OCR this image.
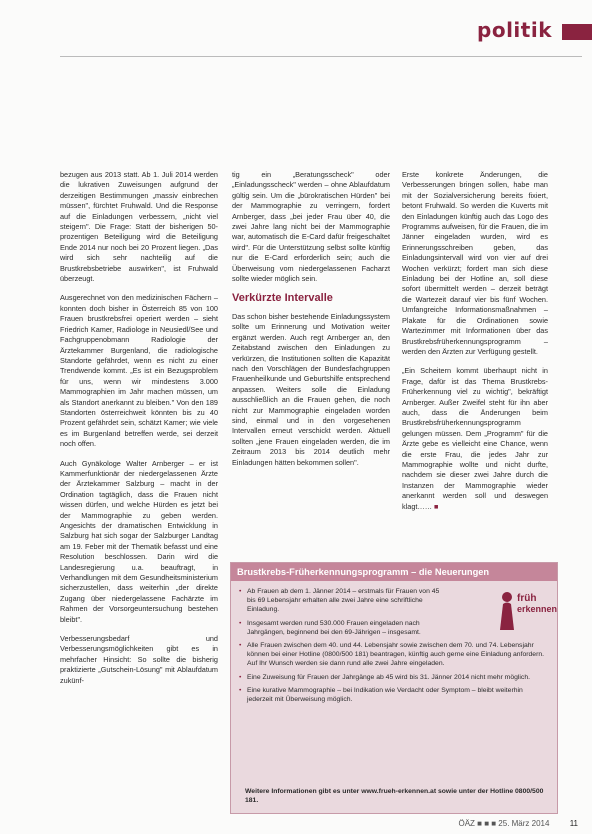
politik

bezugen aus 2013 statt. Ab 1. Juli 2014 werden die lukrativen Zuweisungen aufgrund der derzeitigen Bestimmungen „massiv einbrechen müssen", fürchtet Fruhwald. Und die Response auf die Einladungen verbessern, „nicht viel steigern". Die Frage: Statt der bisherigen 50-prozentigen Beteiligung wird die Beteiligung Ende 2014 nur noch bei 20 Prozent liegen. „Das wird sich sehr nachteilig auf die Brustkrebsbetriebe auswirken", ist Fruhwald überzeugt.

Ausgerechnet von den medizinischen Fächern – konnten doch bisher in Österreich 85 von 100 Frauen brustkrebsfrei operiert werden – sieht Friedrich Kamer, Radiologe in Neusiedl/See und Fachgruppenobmann Radiologie der Ärztekammer Burgenland, die radiologische Standorte gefährdet, wenn es nicht zu einer Trendwende kommt. „Es ist ein Bezugsproblem für uns, wenn wir mindestens 3.000 Mammographien im Jahr machen müssen, um als Standort anerkannt zu bleiben." Von den 189 Standorten österreichweit könnten bis zu 40 Prozent gefährdet sein, schätzt Kamer; wie viele es im Burgenland betreffen werde, sei derzeit noch offen.

Auch Gynäkologe Walter Arnberger – er ist Kammerfunktionär der niedergelassenen Ärzte der Ärztekammer Salzburg – macht in der Ordination tagtäglich, dass die Frauen nicht wissen dürfen, und welche Hürden es jetzt bei der Mammographie zu geben werden. Angesichts der dramatischen Entwicklung in Salzburg hat sich sogar der Salzburger Landtag am 19. Feber mit der Thematik befasst und eine Resolution beschlossen. Darin wird die Landesregierung u.a. beauftragt, in Verhandlungen mit dem Gesundheitsministerium sicherzustellen, dass weiterhin „der direkte Zugang über niedergelassene Fachärzte im Rahmen der Vorsorgeuntersuchung bestehen bleibt".

Verbesserungsbedarf und Verbesserungsmöglichkeiten gibt es in mehrfacher Hinsicht: So sollte die bisherig praktizierte „Gutschein-Lösung" mit Ablaufdatum zukünf-

tig ein „Beratungsscheck" oder „Einladungsscheck" werden – ohne Ablaufdatum gültig sein. Um die „bürokratischen Hürden" bei der Mammographie zu verringern, fordert Arnberger, dass „bei jeder Frau über 40, die zwei Jahre lang nicht bei der Mammographie war, automatisch die E-Card dafür freigeschaltet wird". Für die Unterstützung selbst sollte künftig nur die E-Card erforderlich sein; auch die Überweisung vom niedergelassenen Facharzt sollte wieder möglich sein.

Verkürzte Intervalle

Das schon bisher bestehende Einladungssystem sollte um Erinnerung und Motivation weiter ergänzt werden. Auch regt Arnberger an, den Zeitabstand zwischen den Einladungen zu verkürzen, die Institutionen sollten die Kapazität nach den Vorschlägen der Bundesfachgruppen Frauenheilkunde und Geburtshilfe entsprechend anpassen. Weiters solle die Einladung ausschließlich an die Frauen gehen, die noch nicht zur Mammographie eingeladen worden sind, einmal und in den vorgesehenen Intervallen erneut verschickt werden. Aktuell sollten „jene Frauen eingeladen werden, die im Zeitraum 2013 bis 2014 deutlich mehr Einladungen hätten bekommen sollen".

Erste konkrete Änderungen, die Verbesserungen bringen sollen, habe man mit der Sozialversicherung bereits fixiert, betont Fruhwald. So werden die Kuverts mit den Einladungen künftig auch das Logo des Programms aufweisen, für die Frauen, die im Jänner eingeladen wurden, wird es Erinnerungsschreiben geben, das Einladungsintervall wird von vier auf drei Wochen verkürzt; fordert man sich diese Einladung bei der Hotline an, soll diese sofort übermittelt werden – derzeit beträgt die Wartezeit darauf vier bis fünf Wochen. Umfangreiche Informationsmaßnahmen – Plakate für die Ordinationen sowie Wartezimmer mit Informationen über das Brustkrebsfrüherkennungsprogramm – werden den Ärzten zur Verfügung gestellt.

„Ein Scheitern kommt überhaupt nicht in Frage, dafür ist das Thema Brustkrebs-Früherkennung viel zu wichtig", bekräftigt Arnberger. Außer Zweifel steht für ihn aber auch, dass die Änderungen beim Brustkrebsfrüherkennungsprogramm gelungen müssen. Dem „Programm" für die Ärzte gebe es vielleicht eine Chance, wenn die erste Frau, die jedes Jahr zur Mammographie wollte und nicht durfte, nachdem sie dieser zwei Jahre durch die Instanzen der Mammographie wieder anerkannt werden soll und deswegen klagt…… ■

Brustkrebs-Früherkennungsprogramm – die Neuerungen
früh
erkennen
• Ab Frauen ab dem 1. Jänner 2014 – erstmals für Frauen von 45 bis 69 Lebensjahr erhalten alle zwei Jahre eine schriftliche Einladung.
• Insgesamt werden rund 530.000 Frauen eingeladen nach Jahrgängen, beginnend bei den 69-Jährigen – insgesamt.
• Alle Frauen zwischen dem 40. und 44. Lebensjahr sowie zwischen dem 70. und 74. Lebensjahr können bei einer Hotline (0800/500 181) beantragen, künftig auch gerne eine Einladung anfordern. Auf Ihr Wunsch werden sie dann rund alle zwei Jahre eingeladen.
• Eine Zuweisung für Frauen der Jahrgänge ab 45 wird bis 31. Jänner 2014 nicht mehr möglich.
• Eine kurative Mammographie – bei Indikation wie Verdacht oder Symptom – bleibt weiterhin jederzeit mit Überweisung möglich.
Weitere Informationen gibt es unter www.frueh-erkennen.at sowie unter der Hotline 0800/500 181.
ÖÄZ ■ ■ ■ 25. März 2014	11
